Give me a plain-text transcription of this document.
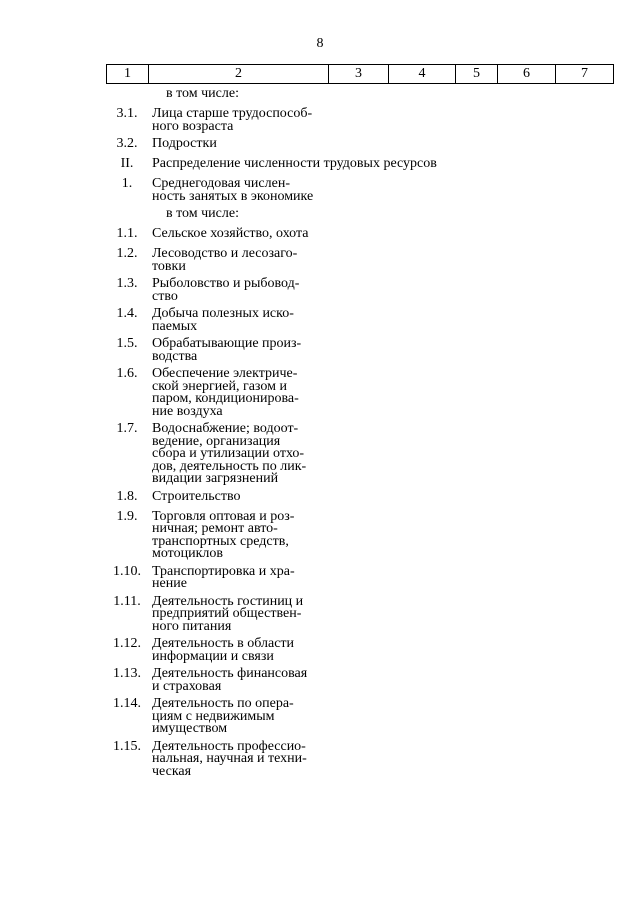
8
1	2	3	4	5	6	7
в том числе:
3.1.	Лица старше трудоспособ-
ного возраста
3.2.	Подростки
II.	Распределение численности трудовых ресурсов
1.	Среднегодовая числен-
ность занятых в экономике
в том числе:
1.1.	Сельское хозяйство, охота
1.2.	Лесоводство и лесозаго-
товки
1.3.	Рыболовство и рыбовод-
ство
1.4.	Добыча полезных иско-
паемых
1.5.	Обрабатывающие произ-
водства
1.6.	Обеспечение электриче-
ской энергией, газом и
паром, кондиционирова-
ние воздуха
1.7.	Водоснабжение; водоот-
ведение, организация
сбора и утилизации отхо-
дов, деятельность по лик-
видации загрязнений
1.8.	Строительство
1.9.	Торговля оптовая и роз-
ничная; ремонт авто-
транспортных средств,
мотоциклов
1.10. Транспортировка и хра-
нение
1.11. Деятельность гостиниц и
предприятий обществен-
ного питания
1.12. Деятельность в области
информации и связи
1.13. Деятельность финансовая
и страховая
1.14. Деятельность по опера-
циям с недвижимым
имуществом
1.15. Деятельность профессио-
нальная, научная и техни-
ческая
